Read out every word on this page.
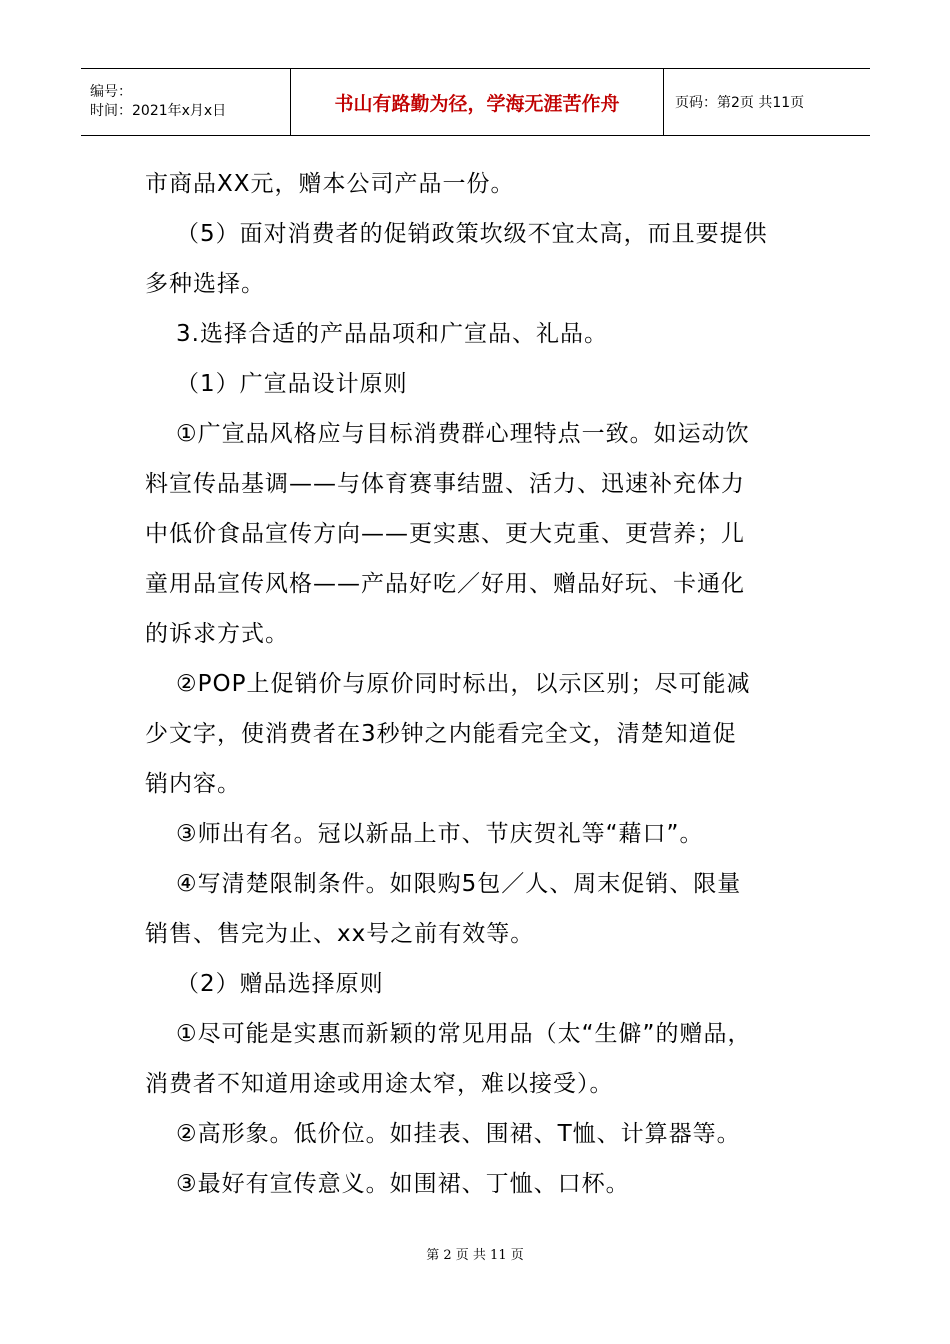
编号：
时间：2021年x月x日	书山有路勤为径，学海无涯苦作舟	页码：第2页 共11页

市商品XX元，赠本公司产品一份。

（5）面对消费者的促销政策坎级不宜太高，而且要提供

多种选择。

3.选择合适的产品品项和广宣品、礼品。

（1）广宣品设计原则

①广宣品风格应与目标消费群心理特点一致。如运动饮

料宣传品基调——与体育赛事结盟、活力、迅速补充体力

中低价食品宣传方向——更实惠、更大克重、更营养；儿

童用品宣传风格——产品好吃／好用、赠品好玩、卡通化

的诉求方式。

②POP上促销价与原价同时标出，以示区别；尽可能减

少文字，使消费者在3秒钟之内能看完全文，清楚知道促

销内容。

③师出有名。冠以新品上市、节庆贺礼等“藉口”。

④写清楚限制条件。如限购5包／人、周末促销、限量

销售、售完为止、xx号之前有效等。

（2）赠品选择原则

①尽可能是实惠而新颖的常见用品（太“生僻”的赠品，

消费者不知道用途或用途太窄，难以接受）。

②高形象。低价位。如挂表、围裙、T恤、计算器等。

③最好有宣传意义。如围裙、丁恤、口杯。

第 2 页 共 11 页
